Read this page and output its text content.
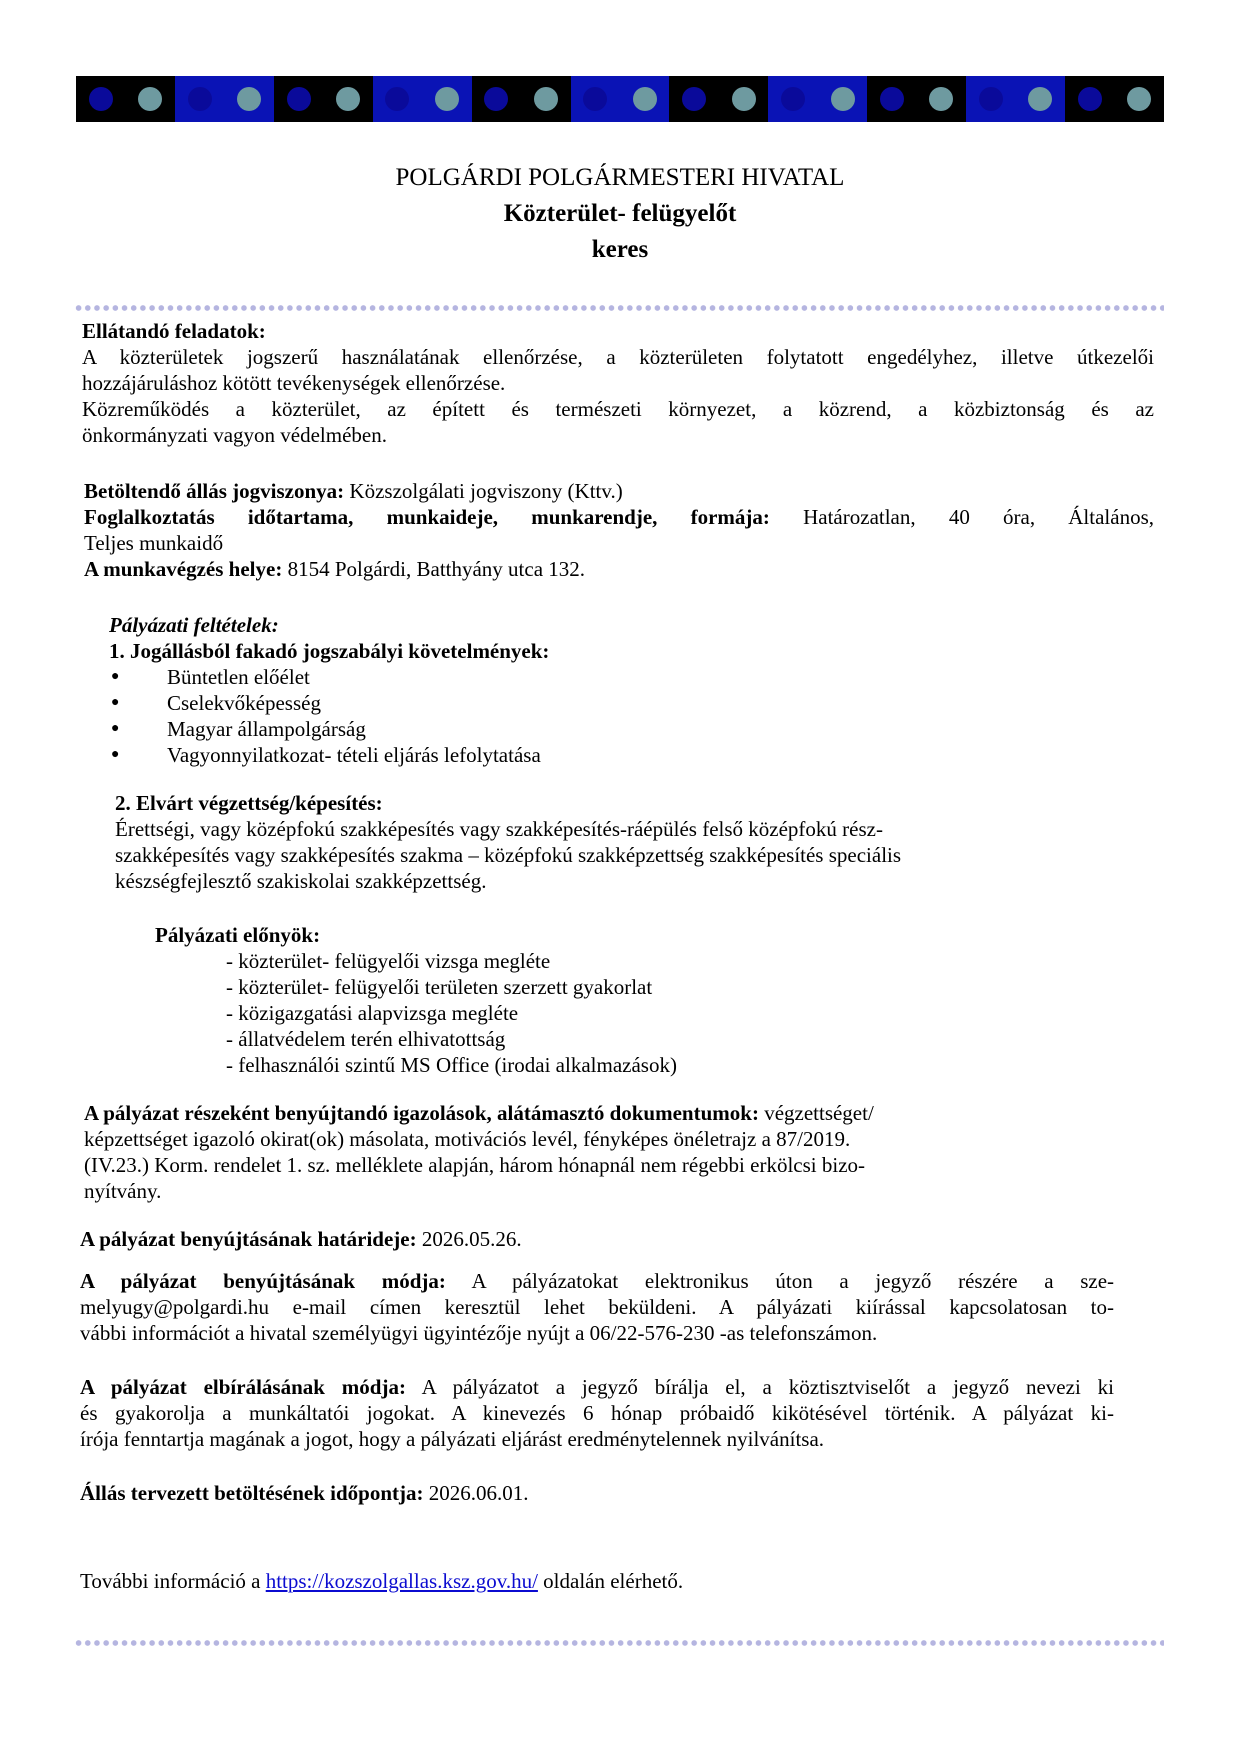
POLGÁRDI POLGÁRMESTERI HIVATAL
Közterület- felügyelőt
keres
Ellátandó feladatok:
A közterületek jogszerű használatának ellenőrzése, a közterületen folytatott engedélyhez, illetve útkezelői
hozzájáruláshoz kötött tevékenységek ellenőrzése.
Közreműködés a közterület, az épített és természeti környezet, a közrend, a közbiztonság és az
önkormányzati vagyon védelmében.
Betöltendő állás jogviszonya: Közszolgálati jogviszony (Kttv.)
Foglalkoztatás időtartama, munkaideje, munkarendje, formája: Határozatlan, 40 óra, Általános,
Teljes munkaidő
A munkavégzés helye: 8154 Polgárdi, Batthyány utca 132.
Pályázati feltételek:
1. Jogállásból fakadó jogszabályi követelmények:
● Büntetlen előélet
● Cselekvőképesség
● Magyar állampolgárság
● Vagyonnyilatkozat- tételi eljárás lefolytatása
2. Elvárt végzettség/képesítés:
Érettségi, vagy középfokú szakképesítés vagy szakképesítés-ráépülés felső középfokú rész-
szakképesítés vagy szakképesítés szakma – középfokú szakképzettség szakképesítés speciális
készségfejlesztő szakiskolai szakképzettség.
Pályázati előnyök:
- közterület- felügyelői vizsga megléte
- közterület- felügyelői területen szerzett gyakorlat
- közigazgatási alapvizsga megléte
- állatvédelem terén elhivatottság
- felhasználói szintű MS Office (irodai alkalmazások)
A pályázat részeként benyújtandó igazolások, alátámasztó dokumentumok: végzettséget/
képzettséget igazoló okirat(ok) másolata, motivációs levél, fényképes önéletrajz a 87/2019.
(IV.23.) Korm. rendelet 1. sz. melléklete alapján, három hónapnál nem régebbi erkölcsi bizo-
nyítvány.
A pályázat benyújtásának határideje: 2026.05.26.
A pályázat benyújtásának módja: A pályázatokat elektronikus úton a jegyző részére a sze-
melyugy@polgardi.hu e-mail címen keresztül lehet beküldeni. A pályázati kiírással kapcsolatosan to-
vábbi információt a hivatal személyügyi ügyintézője nyújt a 06/22-576-230 -as telefonszámon.
A pályázat elbírálásának módja: A pályázatot a jegyző bírálja el, a köztisztviselőt a jegyző nevezi ki
és gyakorolja a munkáltatói jogokat. A kinevezés 6 hónap próbaidő kikötésével történik. A pályázat ki-
írója fenntartja magának a jogot, hogy a pályázati eljárást eredménytelennek nyilvánítsa.
Állás tervezett betöltésének időpontja: 2026.06.01.
További információ a https://kozszolgallas.ksz.gov.hu/ oldalán elérhető.
